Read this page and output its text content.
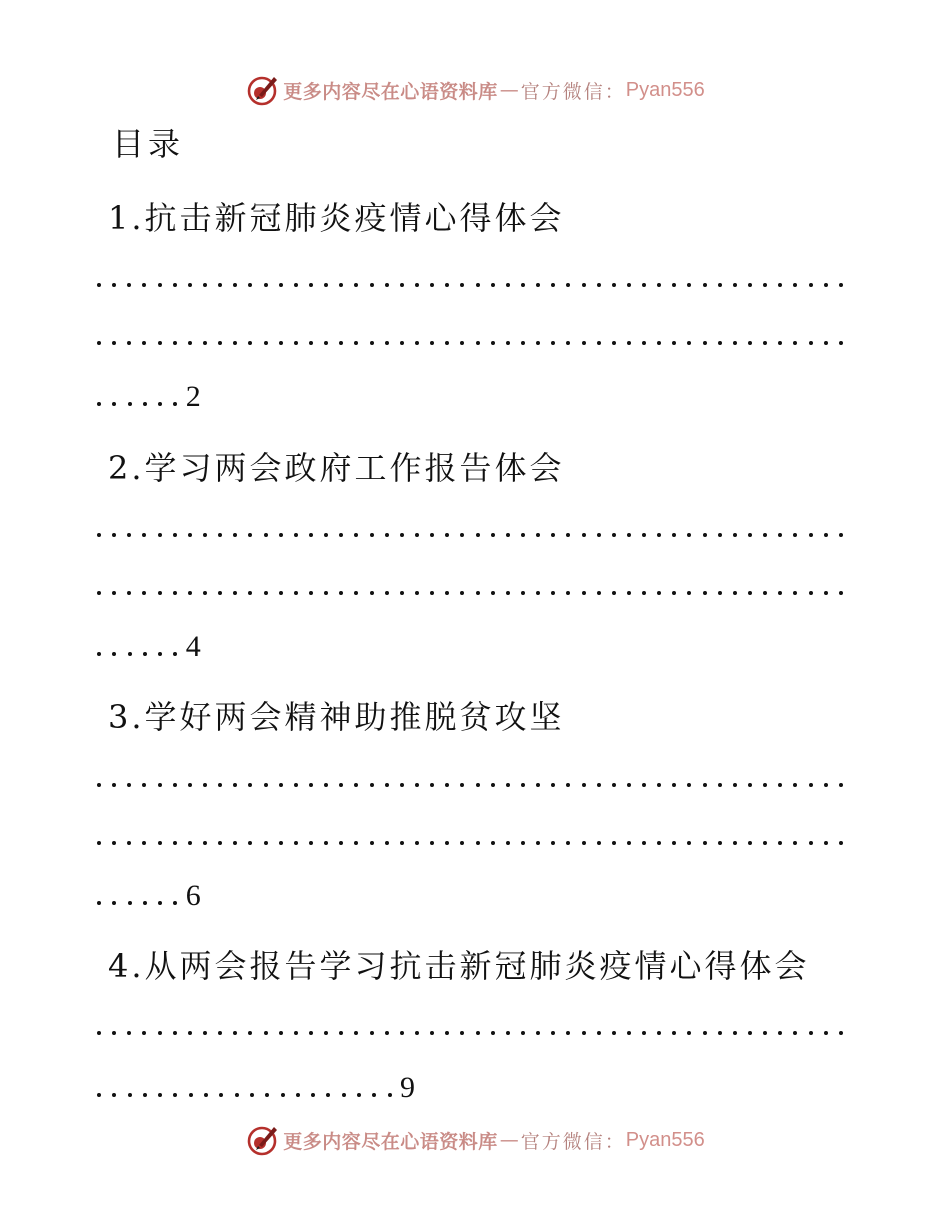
更多内容尽在心语资料库 — 官方微信： Pyan556
目录
1.抗击新冠肺炎疫情心得体会
2
2.学习两会政府工作报告体会
4
3.学好两会精神助推脱贫攻坚
6
4.从两会报告学习抗击新冠肺炎疫情心得体会
9
更多内容尽在心语资料库 — 官方微信： Pyan556
